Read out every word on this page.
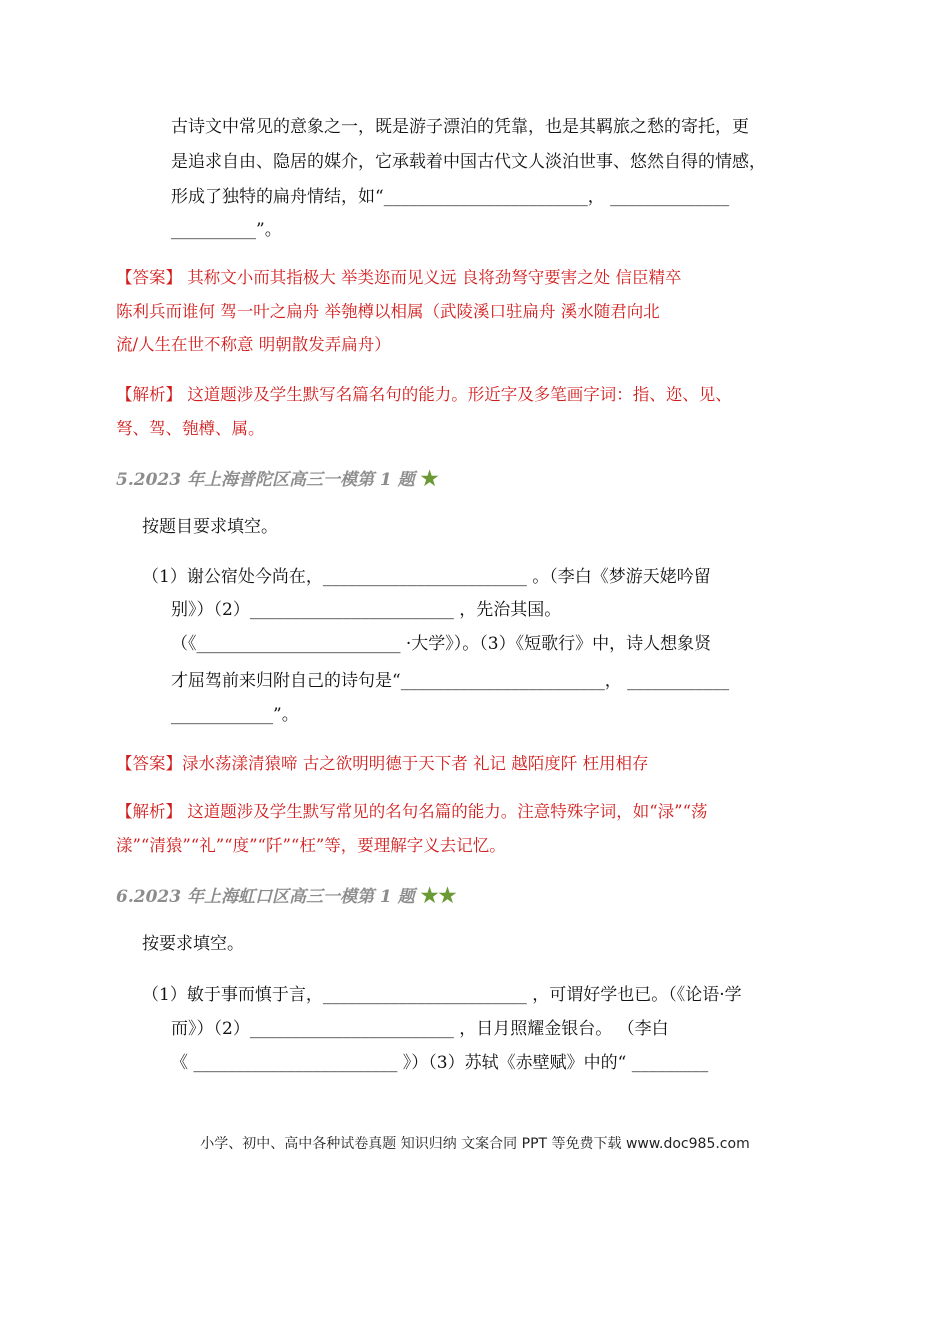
古诗文中常见的意象之一，既是游子漂泊的凭靠，也是其羁旅之愁的寄托，更
是追求自由、隐居的媒介，它承载着中国古代文人淡泊世事、悠然自得的情感，
形成了独特的扁舟情结，如“________________________， ______________
__________”。
【答案】 其称文小而其指极大 举类迩而见义远 良将劲弩守要害之处 信臣精卒
陈利兵而谁何 驾一叶之扁舟 举匏樽以相属（武陵溪口驻扁舟 溪水随君向北
流/人生在世不称意 明朝散发弄扁舟）
【解析】 这道题涉及学生默写名篇名句的能力。形近字及多笔画字词：指、迩、见、
弩、驾、匏樽、属。
5.2023 年上海普陀区高三一模第 1 题 ★
按题目要求填空。
（1）谢公宿处今尚在，________________________ 。（李白《梦游天姥吟留
别》）（2）________________________ ，先治其国。
（《________________________ ·大学》）。（3）《短歌行》中，诗人想象贤
才屈驾前来归附自己的诗句是“________________________， ____________
____________”。
【答案】渌水荡漾清猿啼 古之欲明明德于天下者 礼记 越陌度阡 枉用相存
【解析】 这道题涉及学生默写常见的名句名篇的能力。注意特殊字词，如“渌”“荡
漾”“清猿”“礼”“度”“阡”“枉”等，要理解字义去记忆。
6.2023 年上海虹口区高三一模第 1 题 ★★
按要求填空。
（1）敏于事而慎于言，________________________ ，可谓好学也已。（《论语·学
而》）（2）________________________ ，日月照耀金银台。 （李白
《 ________________________ 》）（3）苏轼《赤壁赋》中的“ _________
小学、初中、高中各种试卷真题 知识归纳 文案合同 PPT 等免费下载 www.doc985.com
